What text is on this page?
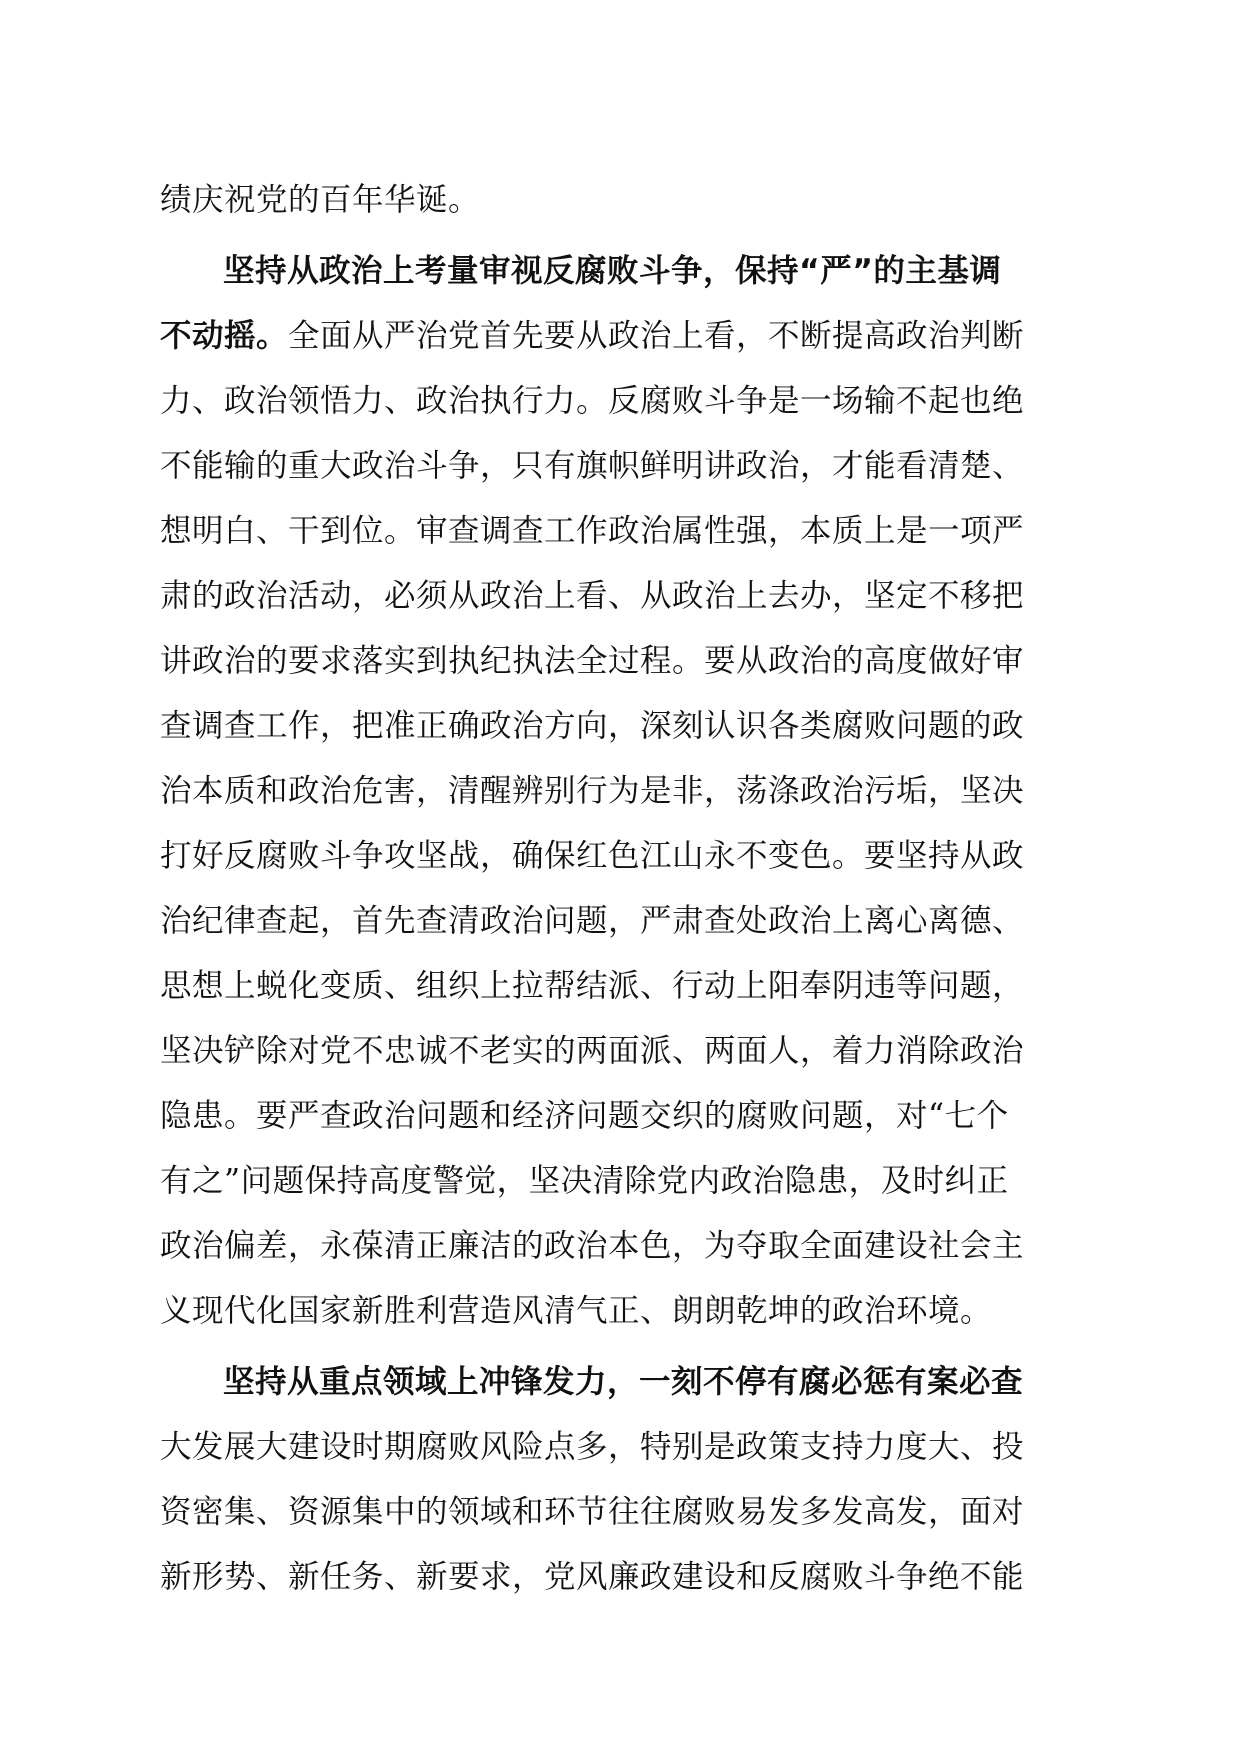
绩庆祝党的百年华诞。
坚持从政治上考量审视反腐败斗争，保持“严”的主基调
不动摇。全面从严治党首先要从政治上看，不断提高政治判断
力、政治领悟力、政治执行力。反腐败斗争是一场输不起也绝
不能输的重大政治斗争，只有旗帜鲜明讲政治，才能看清楚、
想明白、干到位。审查调查工作政治属性强，本质上是一项严
肃的政治活动，必须从政治上看、从政治上去办，坚定不移把
讲政治的要求落实到执纪执法全过程。要从政治的高度做好审
查调查工作，把准正确政治方向，深刻认识各类腐败问题的政
治本质和政治危害，清醒辨别行为是非，荡涤政治污垢，坚决
打好反腐败斗争攻坚战，确保红色江山永不变色。要坚持从政
治纪律查起，首先查清政治问题，严肃查处政治上离心离德、
思想上蜕化变质、组织上拉帮结派、行动上阳奉阴违等问题，
坚决铲除对党不忠诚不老实的两面派、两面人，着力消除政治
隐患。要严查政治问题和经济问题交织的腐败问题，对“七个
有之”问题保持高度警觉，坚决清除党内政治隐患，及时纠正
政治偏差，永葆清正廉洁的政治本色，为夺取全面建设社会主
义现代化国家新胜利营造风清气正、朗朗乾坤的政治环境。
坚持从重点领域上冲锋发力，一刻不停有腐必惩有案必查
大发展大建设时期腐败风险点多，特别是政策支持力度大、投
资密集、资源集中的领域和环节往往腐败易发多发高发，面对
新形势、新任务、新要求，党风廉政建设和反腐败斗争绝不能
